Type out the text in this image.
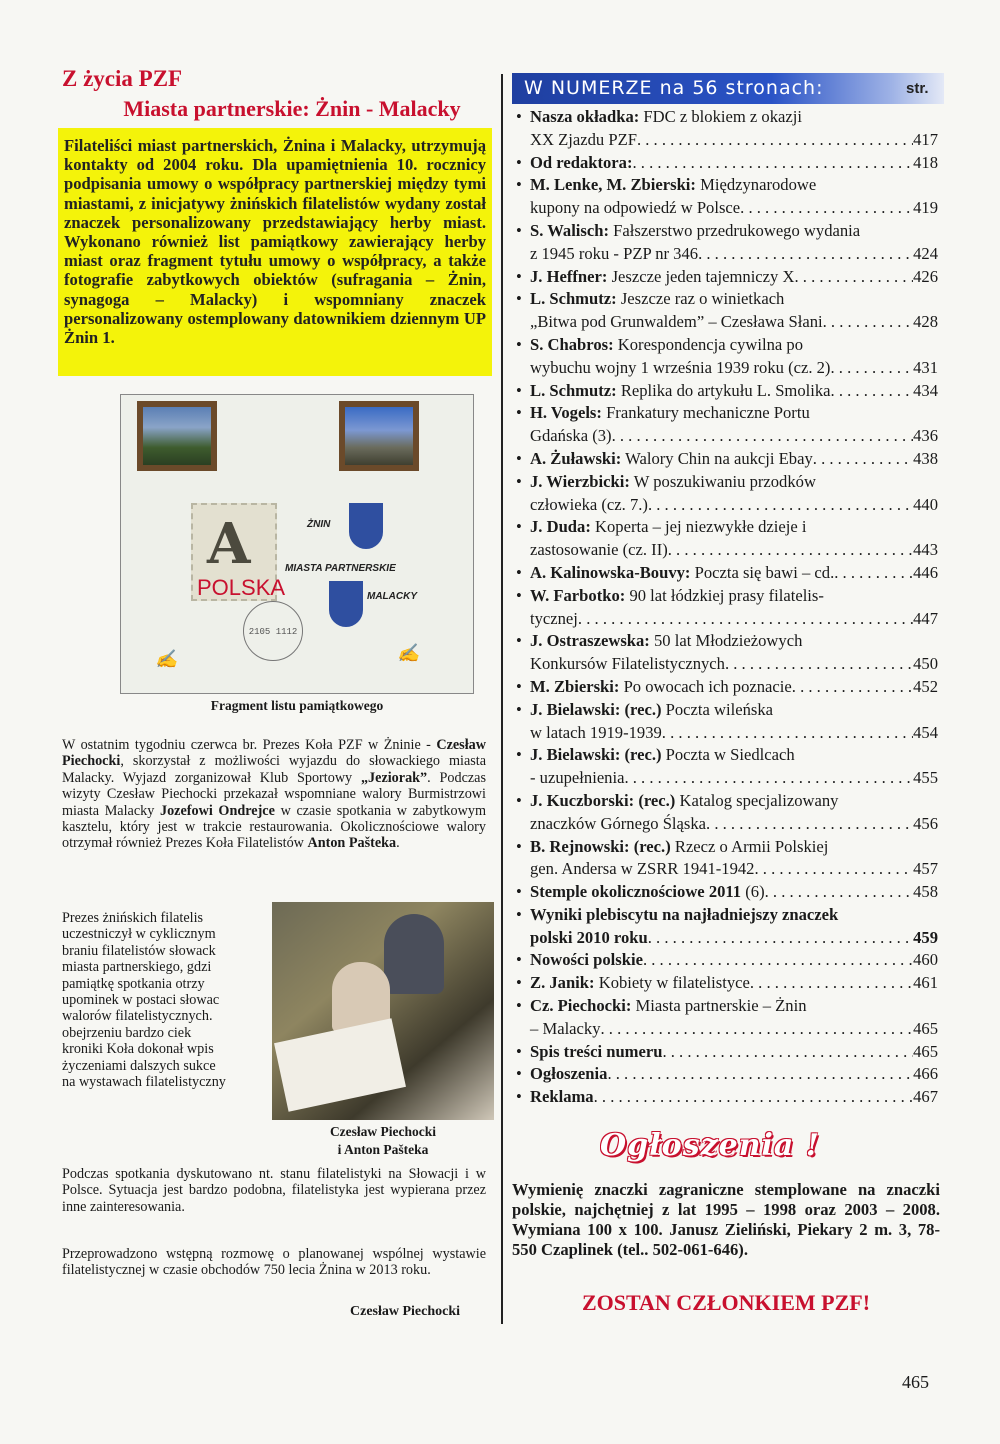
Z życia PZF
Miasta partnerskie: Żnin - Malacky

Filateliści miast partnerskich, Żnina i Malacky, utrzymują kontakty od 2004 roku. Dla upamiętnienia 10. rocznicy podpisania umowy o współpracy partnerskiej między tymi miastami, z inicjatywy żnińskich filatelistów wydany został znaczek personalizowany przedstawiający herby miast. Wykonano również list pamiątkowy zawierający herby miast oraz fragment tytułu umowy o współpracy, a także fotografie zabytkowych obiektów (sufragania – Żnin, synagoga – Malacky) i wspomniany znaczek personalizowany ostemplowany datownikiem dziennym UP Żnin 1.

A
POLSKA
ŻNIN
MIASTA PARTNERSKIE
MALACKY
2105 1112
✍	✍
Fragment listu pamiątkowego

W ostatnim tygodniu czerwca br. Prezes Koła PZF w Żninie - Czesław Piechocki, skorzystał z możliwości wyjazdu do słowackiego miasta Malacky. Wyjazd zorganizował Klub Sportowy „Jeziorak”. Podczas wizyty Czesław Piechocki przekazał wspomniane walory Burmistrzowi miasta Malacky Jozefowi Ondrejce w czasie spotkania w zabytkowym kasztelu, który jest w trakcie restaurowania. Okolicznościowe walory otrzymał również Prezes Koła Filatelistów Anton Pašteka.

Prezes żnińskich filatelis
uczestniczył w cyklicznym
braniu filatelistów słowack
miasta partnerskiego, gdzi
pamiątkę spotkania otrzy
upominek w postaci słowac
walorów filatelistycznych.
obejrzeniu bardzo ciek
kroniki Koła dokonał wpis
życzeniami dalszych sukce
na wystawach filatelistyczny
Czesław Piechocki
i Anton Pašteka

Podczas spotkania dyskutowano nt. stanu filatelistyki na Słowacji i w Polsce. Sytuacja jest bardzo podobna, filatelistyka jest wypierana przez inne zainteresowania.

Przeprowadzono wstępną rozmowę o planowanej wspólnej wystawie filatelistycznej w czasie obchodów 750 lecia Żnina w 2013 roku.

Czesław Piechocki
W NUMERZE na 56 stronach:	str.
• Nasza okładka: FDC z blokiem z okazji
XX Zjazdu PZF . . .	417
• Od redaktora: . . .	418
• M. Lenke, M. Zbierski: Międzynarodowe
kupony na odpowiedź w Polsce . . .	419
• S. Walisch: Fałszerstwo przedrukowego wydania
z 1945 roku - PZP nr 346 . . .	424
• J. Heffner: Jeszcze jeden tajemniczy X . . .	426
• L. Schmutz: Jeszcze raz o winietkach
„Bitwa pod Grunwaldem” – Czesława Słani . . .	428
• S. Chabros: Korespondencja cywilna po
wybuchu wojny 1 września 1939 roku (cz. 2) . . .	431
• L. Schmutz: Replika do artykułu L. Smolika . . .	434
• H. Vogels: Frankatury mechaniczne Portu
Gdańska (3) . . .	436
• A. Żuławski: Walory Chin na aukcji Ebay . . .	438
• J. Wierzbicki: W poszukiwaniu przodków
człowieka (cz. 7.) . . .	440
• J. Duda: Koperta – jej niezwykłe dzieje i
zastosowanie (cz. II) . . .	443
• A. Kalinowska-Bouvy: Poczta się bawi – cd. . . .	446
• W. Farbotko: 90 lat łódzkiej prasy filatelis-
tycznej . . .	447
• J. Ostraszewska: 50 lat Młodzieżowych
Konkursów Filatelistycznych . . .	450
• M. Zbierski: Po owocach ich poznacie . . .	452
• J. Bielawski: (rec.) Poczta wileńska
w latach 1919-1939 . . .	454
• J. Bielawski: (rec.) Poczta w Siedlcach
- uzupełnienia . . .	455
• J. Kuczborski: (rec.) Katalog specjalizowany
znaczków Górnego Śląska . . .	456
• B. Rejnowski: (rec.) Rzecz o Armii Polskiej
gen. Andersa w ZSRR 1941-1942 . . .	457
• Stemple okolicznościowe 2011 (6) . . .	458
• Wyniki plebiscytu na najładniejszy znaczek
polski 2010 roku . . .	459
• Nowości polskie . . .	460
• Z. Janik: Kobiety w filatelistyce . . .	461
• Cz. Piechocki: Miasta partnerskie – Żnin
– Malacky . . .	465
• Spis treści numeru . . .	465
• Ogłoszenia . . .	466
• Reklama . . .	467
Ogłoszenia !

Wymienię znaczki zagraniczne stemplowane na znaczki polskie, najchętniej z lat 1995 – 1998 oraz 2003 – 2008. Wymiana 100 x 100. Janusz Zieliński, Piekary 2 m. 3, 78-550 Czaplinek (tel.. 502-061-646).

ZOSTAN CZŁONKIEM PZF!
465
